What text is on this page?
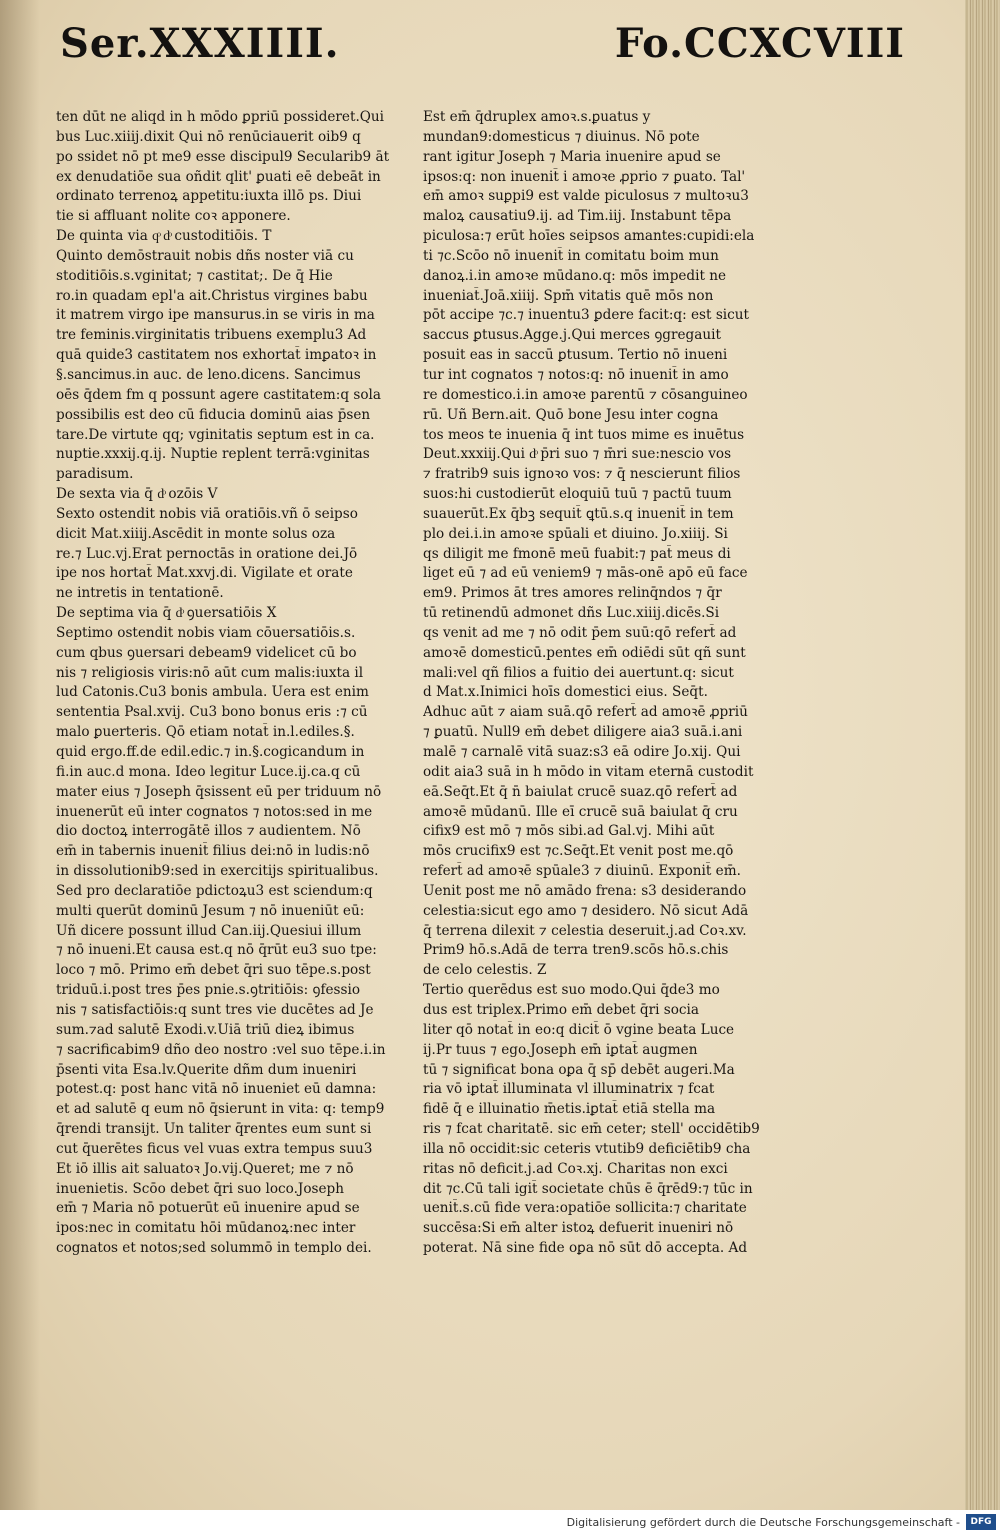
Ser.XXXIIII.	Fo.CCXCVIII
ten dūt ne aliqd in h mōdo ꝑpriū possideret.Qui
bus Luc.xiiij.dixit Qui nō renūciauerit oib9 q
po ssidet nō pt me9 esse discipul9 Secularib9 āt
ex denudatiōe sua oñdit qlit' ꝑuati eē debeāt in
ordinato terrenoꝝ appetitu:iuxta illō ps. Diui
tie si affluant nolite coꝛ apponere.
De quinta via qͦ dͦ custoditiōis. T
Quinto demōstrauit nobis dñs noster viā cu
stoditiōis.s.vginitat; ⁊ castitat;. De q̄ Hie
ro.in quadam epl'a ait.Christus virgines babu
it matrem virgo ipe mansurus.in se viris in ma
tre feminis.virginitatis tribuens exemplu3 Ad
quā quide3 castitatem nos exhortat̄ imꝑatoꝛ in
§.sancimus.in auc. de leno.dicens. Sancimus
oēs q̄dem fm q possunt agere castitatem:q sola
possibilis est deo cū fiducia dominū aias p̄sen
tare.De virtute qq; vginitatis septum est in ca.
nuptie.xxxij.q.ij. Nuptie replent terrā:vginitas
paradisum.
De sexta via q̄ dͦ ozōis V
Sexto ostendit nobis viā oratiōis.vñ ō seipso
dicit Mat.xiiij.Ascēdit in monte solus oza
re.⁊ Luc.vj.Erat pernoctās in oratione dei.Jō
ipe nos hortat̄ Mat.xxvj.di. Vigilate et orate
ne intretis in tentationē.
De septima via q̄ dͦ ꝯuersatiōis X
Septimo ostendit nobis viam cōuersatiōis.s.
cum qbus ꝯuersari debeam9 videlicet cū bo
nis ⁊ religiosis viris:nō aūt cum malis:iuxta il
lud Catonis.Cu3 bonis ambula. Uera est enim
sententia Psal.xvij. Cu3 bono bonus eris :⁊ cū
malo ꝑuerteris. Qō etiam notat̄ in.l.ediles.§.
quid ergo.ff.de edil.edic.⁊ in.§.cogicandum in
fi.in auc.d mona. Ideo legitur Luce.ij.ca.q cū
mater eius ⁊ Joseph q̄sissent eū per triduum nō
inuenerūt eū inter cognatos ⁊ notos:sed in me
dio doctoꝝ interrogātē illos ⁊ audientem. Nō
em̄ in tabernis inuenit̄ filius dei:nō in ludis:nō
in dissolutionib9:sed in exercitijs spiritualibus.
Sed pro declaratiōe pdictoꝝu3 est sciendum:q
multi querūt dominū Jesum ⁊ nō inueniūt eū:
Uñ dicere possunt illud Can.iij.Quesiui illum
⁊ nō inueni.Et causa est.q nō q̄rūt eu3 suo tpe:
loco ⁊ mō. Primo em̄ debet q̄ri suo tēpe.s.post
triduū.i.post tres p̄es pnie.s.ꝯtritiōis: ꝯfessio
nis ⁊ satisfactiōis:q sunt tres vie ducētes ad Je
sum.⁊ad salutē Exodi.v.Uiā triū dieꝝ ibimus
⁊ sacrificabim9 dño deo nostro :vel suo tēpe.i.in
p̄senti vita Esa.lv.Querite dñm dum inueniri
potest.q: post hanc vitā nō inueniet eū damna:
et ad salutē q eum nō q̄sierunt in vita: q: temp9
q̄rendi transijt. Un taliter q̄rentes eum sunt si
cut q̄uerētes ficus vel vuas extra tempus suu3
Et iō illis ait saluatoꝛ Jo.vij.Queret; me ⁊ nō
inuenietis. Scōo debet q̄ri suo loco.Joseph
em̄ ⁊ Maria nō potuerūt eū inuenire apud se
ipos:nec in comitatu hōi mūdanoꝝ:nec inter
cognatos et notos;sed solummō in templo dei.
Est em̄ q̄druplex amoꝛ.s.ꝑuatus y
mundan9:domesticus ⁊ diuinus. Nō pote
rant igitur Joseph ⁊ Maria inuenire apud se
ipsos:q: non inuenit̄ i amoꝛe ꝓprio ⁊ ꝑuato. Tal'
em̄ amoꝛ suꝑpi9 est valde piculosus ⁊ multoꝛu3
maloꝝ causatiu9.ij. ad Tim.iij. Instabunt tēpa
piculosa:⁊ erūt hoīes seipsos amantes:cupidi:ela
ti ⁊c.Scōo nō inuenit̄ in comitatu boim mun
danoꝝ.i.in amoꝛe mūdano.q: mōs impedit ne
inueniat̄.Joā.xiiij. Spm̄ vitatis quē mōs non
pōt accipe ⁊c.⁊ inuentu3 ꝑdere facit:q: est sicut
saccus ꝑtusus.Agge.j.Qui merces ꝯgregauit
posuit eas in saccū ꝑtusum. Tertio nō inueni
tur int cognatos ⁊ notos:q: nō inuenit̄ in amo
re domestico.i.in amoꝛe parentū ⁊ cōsanguineo
rū. Uñ Bern.ait. Quō bone Jesu inter cogna
tos meos te inuenia q̄ int tuos mime es inuētus
Deut.xxxiij.Qui dͦ p̄ri suo ⁊ m̄ri sue:nescio vos
⁊ fratrib9 suis ignoꝛo vos: ⁊ q̄ nescierunt filios
suos:hi custodierūt eloquiū tuū ⁊ pactū tuum
suauerūt.Ex q̄bꝫ sequit̄ ꝗtū.s.q inuenit̄ in tem
plo dei.i.in amoꝛe spūali et diuino. Jo.xiiij. Si
qs diligit me fmonē meū fuabit:⁊ pat̄ meus di
liget eū ⁊ ad eū veniem9 ⁊ mās-onē apō eū face
em9. Primos āt tres amores relinq̄ndos ⁊ q̄r
tū retinendū admonet dñs Luc.xiiij.dicēs.Si
qs venit ad me ⁊ nō odit p̄em suū:qō refert̄ ad
amoꝛē domesticū.pentes em̄ odiēdi sūt qñ sunt
mali:vel qñ filios a fuitio dei auertunt.q: sicut
d Mat.x.Inimici hoīs domestici eius. Seq̄t.
Adhuc aūt ⁊ aiam suā.qō refert̄ ad amoꝛē ꝓpriū
⁊ ꝑuatū. Null9 em̄ debet diligere aia3 suā.i.ani
malē ⁊ carnalē vitā suaz:s3 eā odire Jo.xij. Qui
odit aia3 suā in h mōdo in vitam eternā custodit
eā.Seq̄t.Et q̄ n̄ baiulat crucē suaz.qō refert̄ ad
amoꝛē mūdanū. Ille eī crucē suā baiulat q̄ cru
cifix9 est mō ⁊ mōs sibi.ad Gal.vj. Mihi aūt
mōs crucifix9 est ⁊c.Seq̄t.Et venit post me.qō
refert̄ ad amoꝛē spūale3 ⁊ diuinū. Exponit̄ em̄.
Uenit post me nō amādo frena: s3 desiderando
celestia:sicut ego amo ⁊ desidero. Nō sicut Adā
q̄ terrena dilexit ⁊ celestia deseruit.j.ad Coꝛ.xv.
Prim9 hō.s.Adā de terra tren9.scōs hō.s.chis
de celo celestis. Z
Tertio querēdus est suo modo.Qui q̄de3 mo
dus est triplex.Primo em̄ debet q̄ri socia
liter qō notat̄ in eo:q dicit̄ ō vgine beata Luce
ij.Pr tuus ⁊ ego.Joseph em̄ iꝑtat̄ augmen
tū ⁊ significat bona oꝑa q̄ sp̄ debēt augeri.Ma
ria vō iꝑtat̄ illuminata vl illuminatrix ⁊ fcat
fidē q̄ e illuinatio m̄etis.iꝑtat̄ etiā stella ma
ris ⁊ fcat charitatē. sic em̄ ceter; stell' occidētib9
illa nō occidit:sic ceteris vtutib9 deficiētib9 cha
ritas nō deficit.j.ad Coꝛ.xj. Charitas non exci
dit ⁊c.Cū tali igit̄ societate chūs ē q̄rēd9:⁊ tūc in
uenit̄.s.cū fide vera:opatiōe sollicita:⁊ charitate
succēsa:Si em̄ alter istoꝝ defuerit inueniri nō
poterat. Nā sine fide oꝑa nō sūt dō accepta. Ad
Digitalisierung gefördert durch die Deutsche Forschungsgemeinschaft -	DFG
